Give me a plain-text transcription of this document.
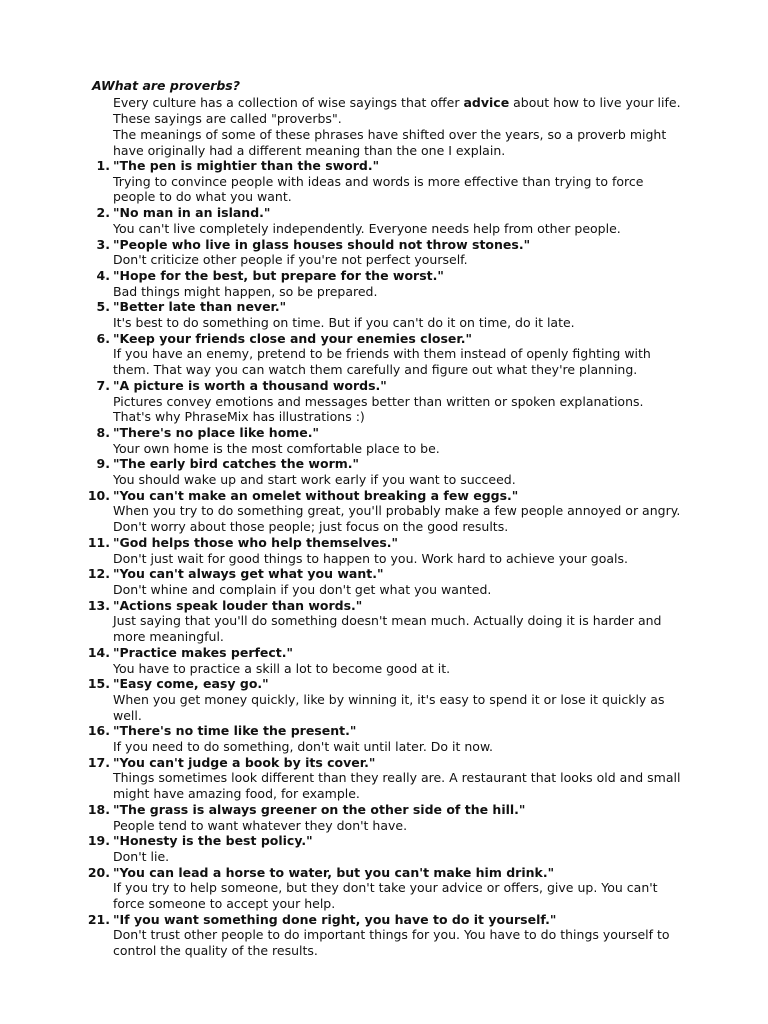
AWhat are proverbs?

Every culture has a collection of wise sayings that offer advice about how to live your life. These sayings are called "proverbs".

The meanings of some of these phrases have shifted over the years, so a proverb might have originally had a different meaning than the one I explain.

1. "The pen is mightier than the sword."
Trying to convince people with ideas and words is more effective than trying to force people to do what you want.
2. "No man in an island."
You can't live completely independently. Everyone needs help from other people.
3. "People who live in glass houses should not throw stones."
Don't criticize other people if you're not perfect yourself.
4. "Hope for the best, but prepare for the worst."
Bad things might happen, so be prepared.
5. "Better late than never."
It's best to do something on time. But if you can't do it on time, do it late.
6. "Keep your friends close and your enemies closer."
If you have an enemy, pretend to be friends with them instead of openly fighting with them. That way you can watch them carefully and figure out what they're planning.
7. "A picture is worth a thousand words."
Pictures convey emotions and messages better than written or spoken explanations. That's why PhraseMix has illustrations :)
8. "There's no place like home."
Your own home is the most comfortable place to be.
9. "The early bird catches the worm."
You should wake up and start work early if you want to succeed.
10. "You can't make an omelet without breaking a few eggs."
When you try to do something great, you'll probably make a few people annoyed or angry. Don't worry about those people; just focus on the good results.
11. "God helps those who help themselves."
Don't just wait for good things to happen to you. Work hard to achieve your goals.
12. "You can't always get what you want."
Don't whine and complain if you don't get what you wanted.
13. "Actions speak louder than words."
Just saying that you'll do something doesn't mean much. Actually doing it is harder and more meaningful.
14. "Practice makes perfect."
You have to practice a skill a lot to become good at it.
15. "Easy come, easy go."
When you get money quickly, like by winning it, it's easy to spend it or lose it quickly as well.
16. "There's no time like the present."
If you need to do something, don't wait until later. Do it now.
17. "You can't judge a book by its cover."
Things sometimes look different than they really are. A restaurant that looks old and small might have amazing food, for example.
18. "The grass is always greener on the other side of the hill."
People tend to want whatever they don't have.
19. "Honesty is the best policy."
Don't lie.
20. "You can lead a horse to water, but you can't make him drink."
If you try to help someone, but they don't take your advice or offers, give up. You can't force someone to accept your help.
21. "If you want something done right, you have to do it yourself."
Don't trust other people to do important things for you. You have to do things yourself to control the quality of the results.
